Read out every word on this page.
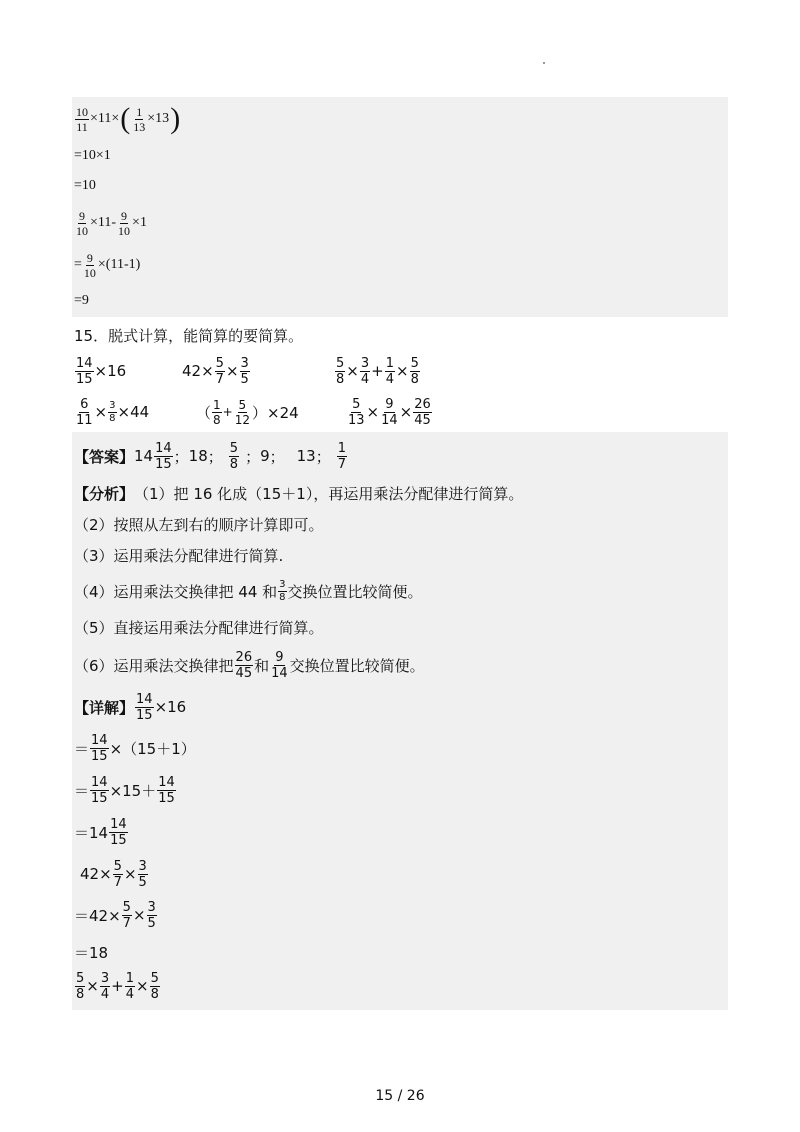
$\frac{10}{11} \times 11\times$ ( $\frac{1}{13} \times 13$ )
=10×1
=10
$\frac{9}{10} \times 11- \frac{9}{10} \times 1$
= $\frac{9}{10} \times(11-1)$
=9
15．脱式计算，能简算的要简算。
$\frac{14}{15} \times 16$	$42\times \frac{5}{7} \times \frac{3}{5}$	$\frac{5}{8} \times \frac{3}{4} + \frac{1}{4} \times \frac{5}{8}$
$\frac{6}{11} \times \frac{3}{8} \times 44$	（ $\frac{1}{8} + \frac{5}{12} )\times 24$	$\frac{5}{13} \times \frac{9}{14} \times \frac{26}{45}$
【答案】 $14 \frac{14}{15}$ ； 18 ； $\frac{5}{8}$ ； 9 ； 13 ； $\frac{1}{7}$
【分析】 （1）把 16 化成（15＋1），再运用乘法分配律进行简算。
（2）按照从左到右的顺序计算即可。
（3）运用乘法分配律进行简算.
（4）运用乘法交换律把 44 和 $\frac{3}{8}$ 交换位置比较简便。
（5）直接运用乘法分配律进行简算。
（6）运用乘法交换律把 $\frac{26}{45}$ 和 $\frac{9}{14}$ 交换位置比较简便。
【详解】 $\frac{14}{15} \times 16$
＝ $\frac{14}{15} \times(15+1)$
＝ $\frac{14}{15} \times 15+ \frac{14}{15}$
$=14 \frac{14}{15}$
$42\times \frac{5}{7} \times \frac{3}{5}$
$=42\times \frac{5}{7} \times \frac{3}{5}$
＝18
$\frac{5}{8} \times \frac{3}{4} + \frac{1}{4} \times \frac{5}{8}$
15 / 26
